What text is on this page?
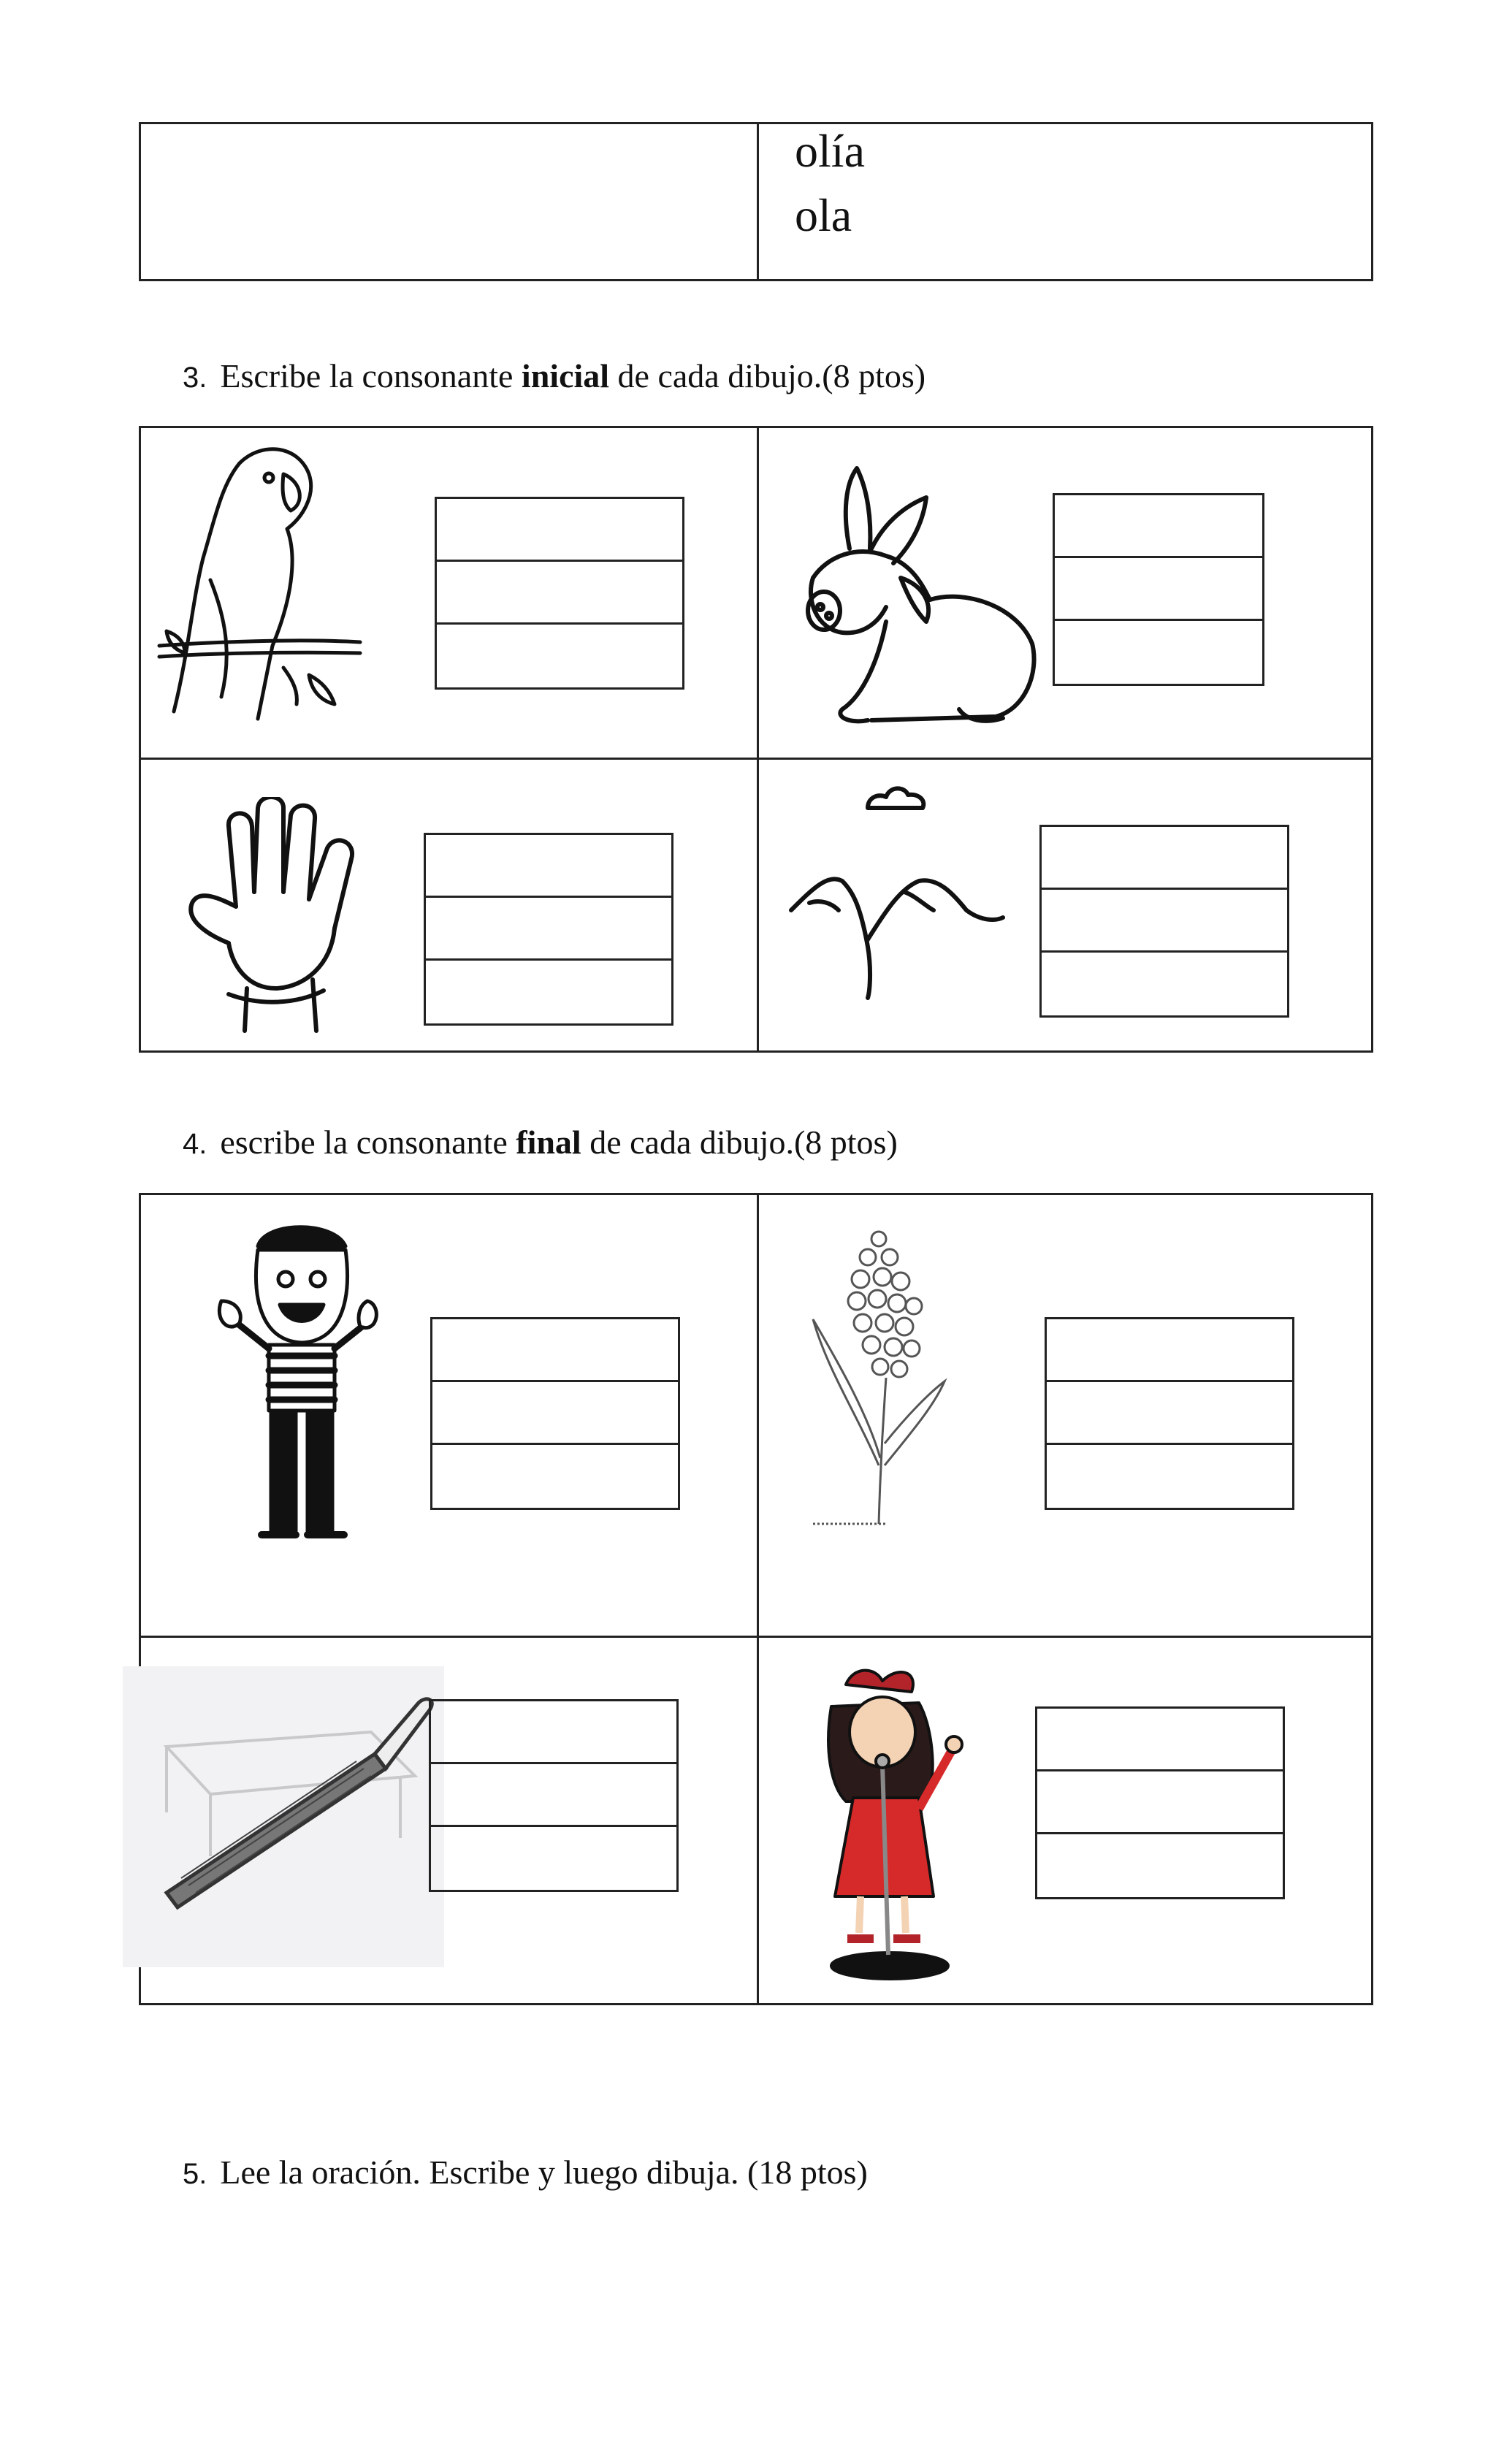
olía
ola
3. Escribe la consonante inicial de cada dibujo.(8 ptos)
4. escribe la consonante final de cada dibujo.(8 ptos)
5. Lee la oración. Escribe y luego dibuja. (18 ptos)
